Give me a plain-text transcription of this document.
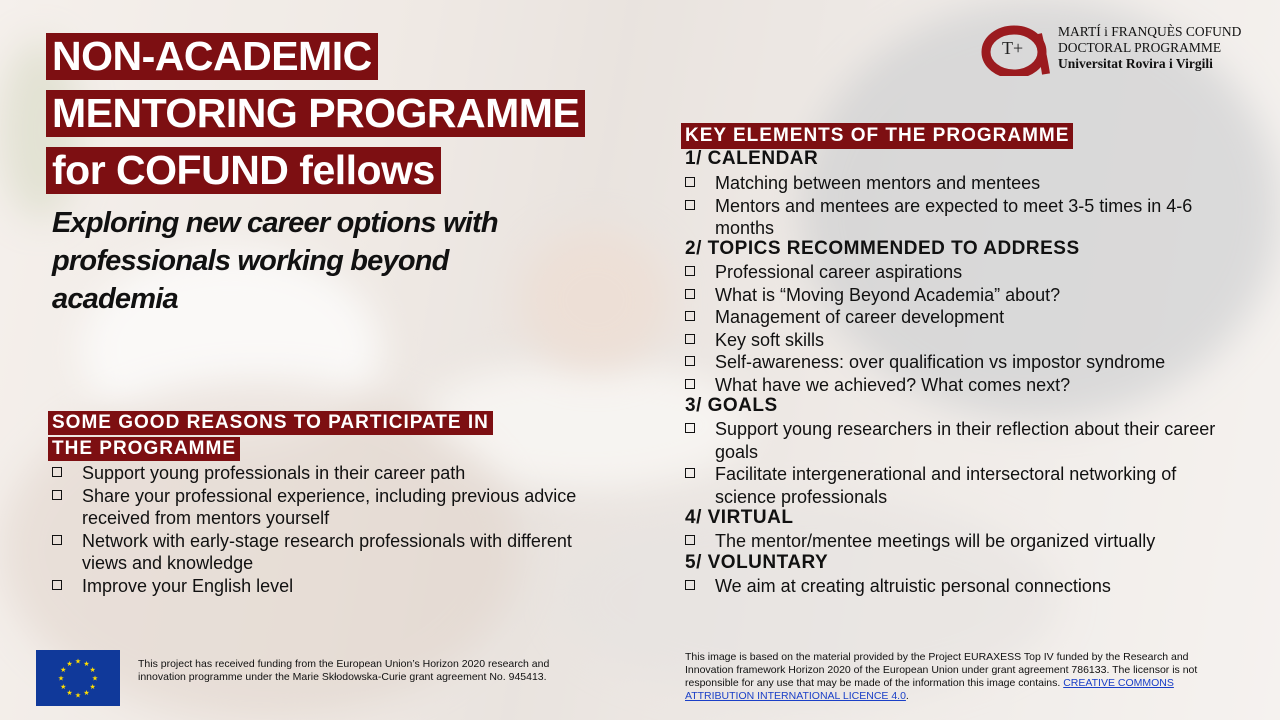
NON-ACADEMIC
MENTORING PROGRAMME
for COFUND fellows
Exploring new career options with professionals working beyond academia
T+
MARTÍ i FRANQUÈS COFUND
DOCTORAL PROGRAMME
Universitat Rovira i Virgili
SOME GOOD REASONS TO PARTICIPATE IN
THE PROGRAMME
Support young professionals in their career path
Share your professional experience, including previous advice received from mentors yourself
Network with early-stage research professionals with different views and knowledge
Improve your English level
KEY ELEMENTS OF THE PROGRAMME
1/ CALENDAR
Matching between mentors and mentees
Mentors and mentees are expected to meet 3-5 times in 4-6 months
2/ TOPICS RECOMMENDED TO ADDRESS
Professional career aspirations
What is “Moving Beyond Academia” about?
Management of career development
Key soft skills
Self-awareness: over qualification vs impostor syndrome
What have we achieved? What comes next?
3/ GOALS
Support young researchers in their reflection about their career goals
Facilitate intergenerational and intersectoral networking of science professionals
4/ VIRTUAL
The mentor/mentee meetings will be organized virtually
5/ VOLUNTARY
We aim at creating altruistic personal connections
★
★
★
★
★
★
★
★
★ ★ ★
★
This project has received funding from the European Union’s Horizon 2020 research and innovation programme under the Marie Skłodowska-Curie grant agreement No. 945413.
This image is based on the material provided by the Project EURAXESS Top IV funded by the Research and Innovation framework Horizon 2020 of the European Union under grant agreement 786133. The licensor is not responsible for any use that may be made of the information this image contains. CREATIVE COMMONS ATTRIBUTION INTERNATIONAL LICENCE 4.0.
